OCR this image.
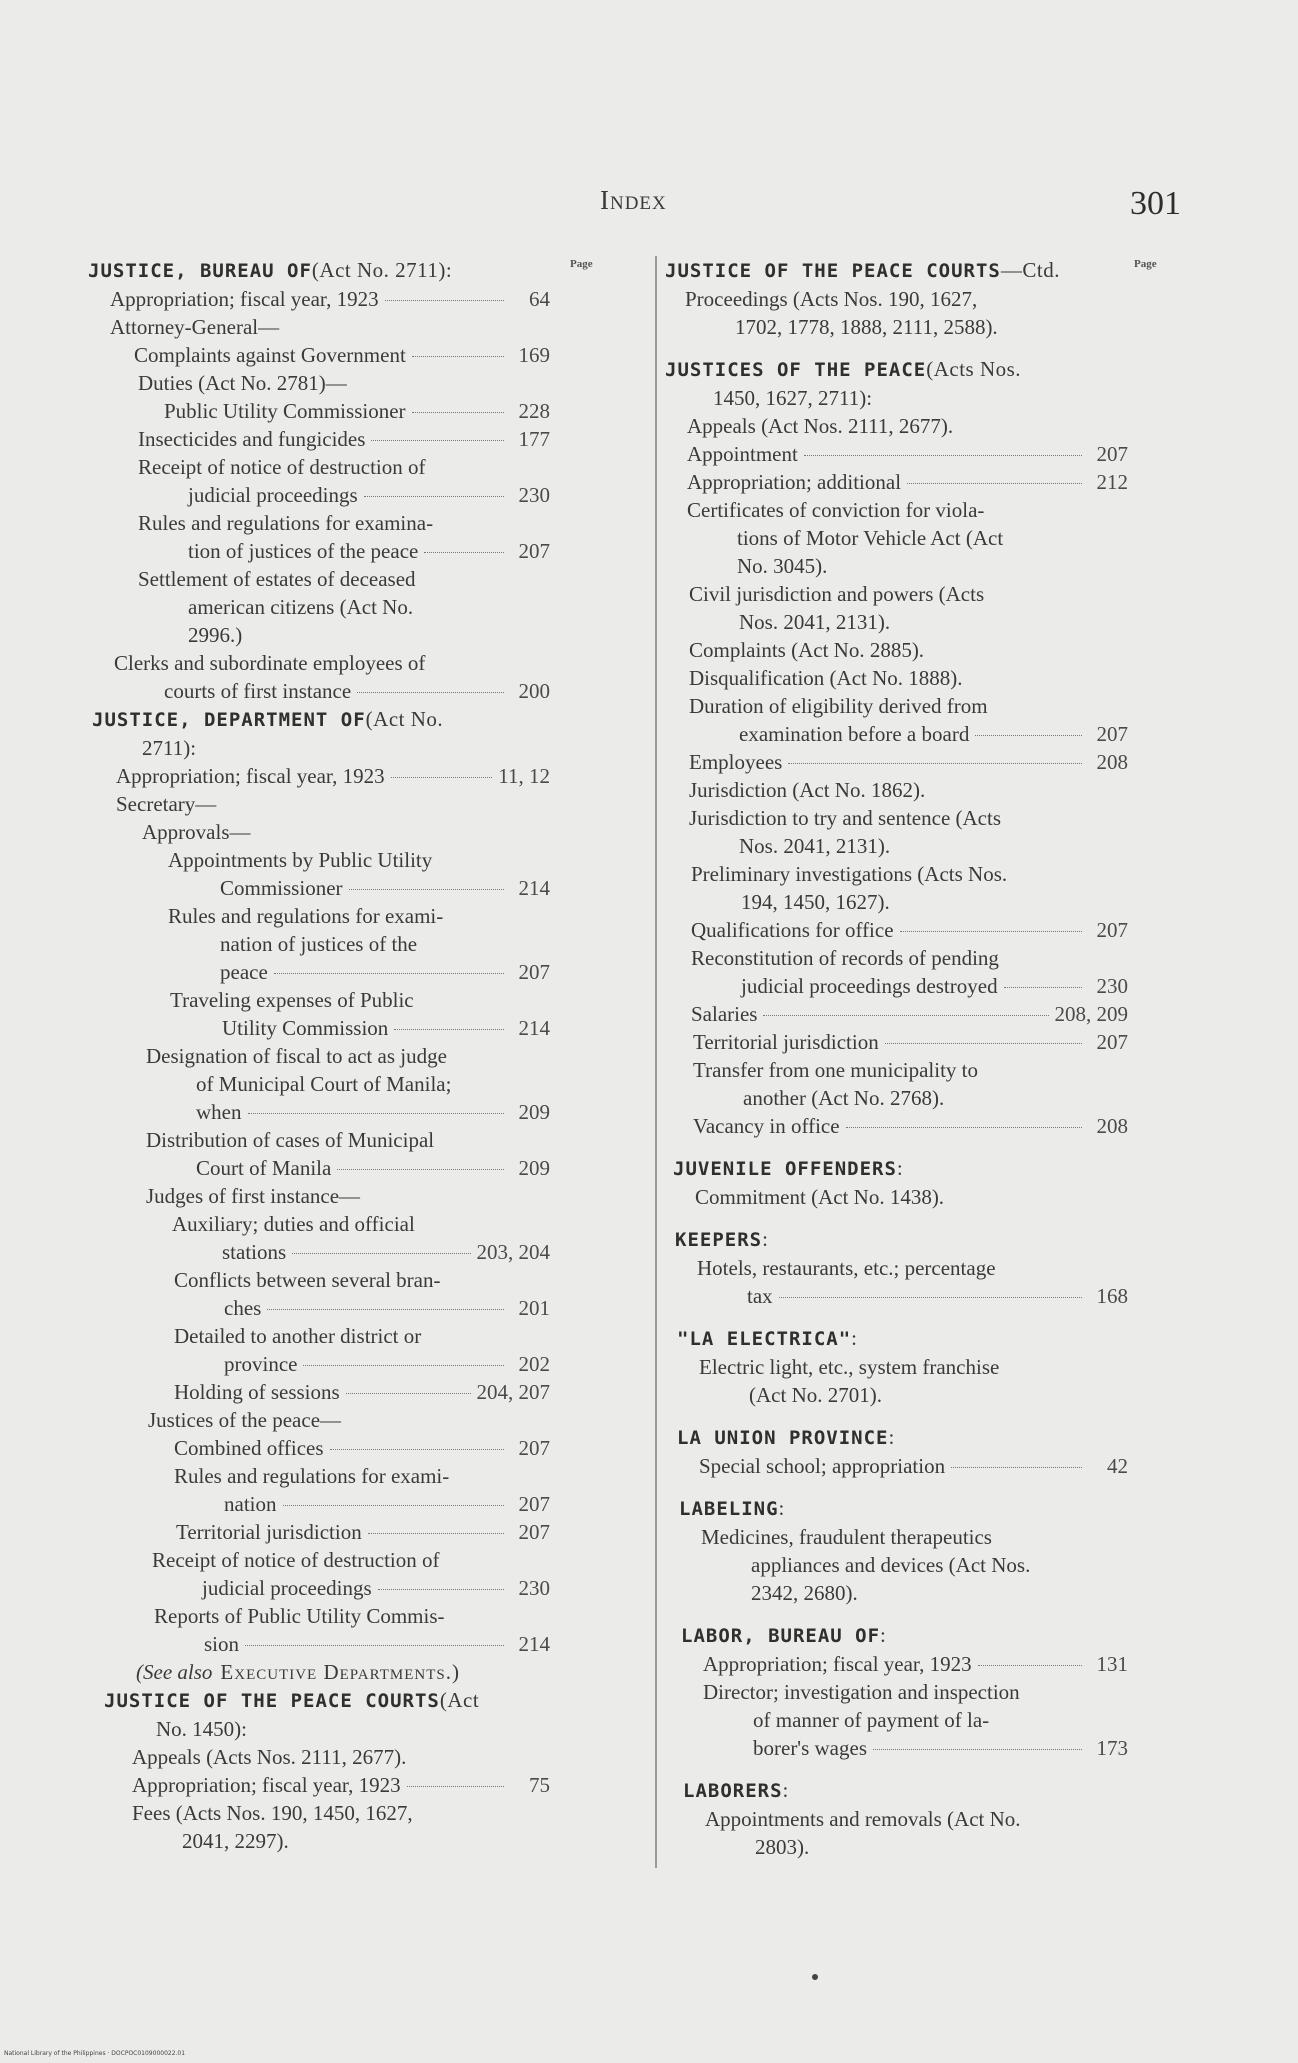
Index	301
Page	Page
JUSTICE, BUREAU OF (Act No. 2711):
Appropriation; fiscal year, 1923	64
Attorney-General—
Complaints against Government	169
Duties (Act No. 2781)—
Public Utility Commissioner	228
Insecticides and fungicides	177
Receipt of notice of destruction of
judicial proceedings	230
Rules and regulations for examina-
tion of justices of the peace	207
Settlement of estates of deceased
american citizens (Act No.
2996.)
Clerks and subordinate employees of
courts of first instance	200
JUSTICE, DEPARTMENT OF (Act No.
2711):
Appropriation; fiscal year, 1923	11, 12
Secretary—
Approvals—
Appointments by Public Utility
Commissioner	214
Rules and regulations for exami-
nation of justices of the
peace	207
Traveling expenses of Public
Utility Commission	214
Designation of fiscal to act as judge
of Municipal Court of Manila;
when	209
Distribution of cases of Municipal
Court of Manila	209
Judges of first instance—
Auxiliary; duties and official
stations	203, 204
Conflicts between several bran-
ches	201
Detailed to another district or
province	202
Holding of sessions	204, 207
Justices of the peace—
Combined offices	207
Rules and regulations for exami-
nation	207
Territorial jurisdiction	207
Receipt of notice of destruction of
judicial proceedings	230
Reports of Public Utility Commis-
sion	214
(See also Executive Departments.)
JUSTICE OF THE PEACE COURTS (Act
No. 1450):
Appeals (Acts Nos. 2111, 2677).
Appropriation; fiscal year, 1923	75
Fees (Acts Nos. 190, 1450, 1627,
2041, 2297).
JUSTICE OF THE PEACE COURTS —Ctd.
Proceedings (Acts Nos. 190, 1627,
1702, 1778, 1888, 2111, 2588).
JUSTICES OF THE PEACE (Acts Nos.
1450, 1627, 2711):
Appeals (Act Nos. 2111, 2677).
Appointment	207
Appropriation; additional	212
Certificates of conviction for viola-
tions of Motor Vehicle Act (Act
No. 3045).
Civil jurisdiction and powers (Acts
Nos. 2041, 2131).
Complaints (Act No. 2885).
Disqualification (Act No. 1888).
Duration of eligibility derived from
examination before a board	207
Employees	208
Jurisdiction (Act No. 1862).
Jurisdiction to try and sentence (Acts
Nos. 2041, 2131).
Preliminary investigations (Acts Nos.
194, 1450, 1627).
Qualifications for office	207
Reconstitution of records of pending
judicial proceedings destroyed	230
Salaries	208, 209
Territorial jurisdiction	207
Transfer from one municipality to
another (Act No. 2768).
Vacancy in office	208
JUVENILE OFFENDERS :
Commitment (Act No. 1438).
KEEPERS :
Hotels, restaurants, etc.; percentage
tax	168
"LA ELECTRICA" :
Electric light, etc., system franchise
(Act No. 2701).
LA UNION PROVINCE :
Special school; appropriation	42
LABELING :
Medicines, fraudulent therapeutics
appliances and devices (Act Nos.
2342, 2680).
LABOR, BUREAU OF :
Appropriation; fiscal year, 1923	131
Director; investigation and inspection
of manner of payment of la-
borer's wages	173
LABORERS :
Appointments and removals (Act No.
2803).
National Library of the Philippines · DOCPOC0109000022.01
